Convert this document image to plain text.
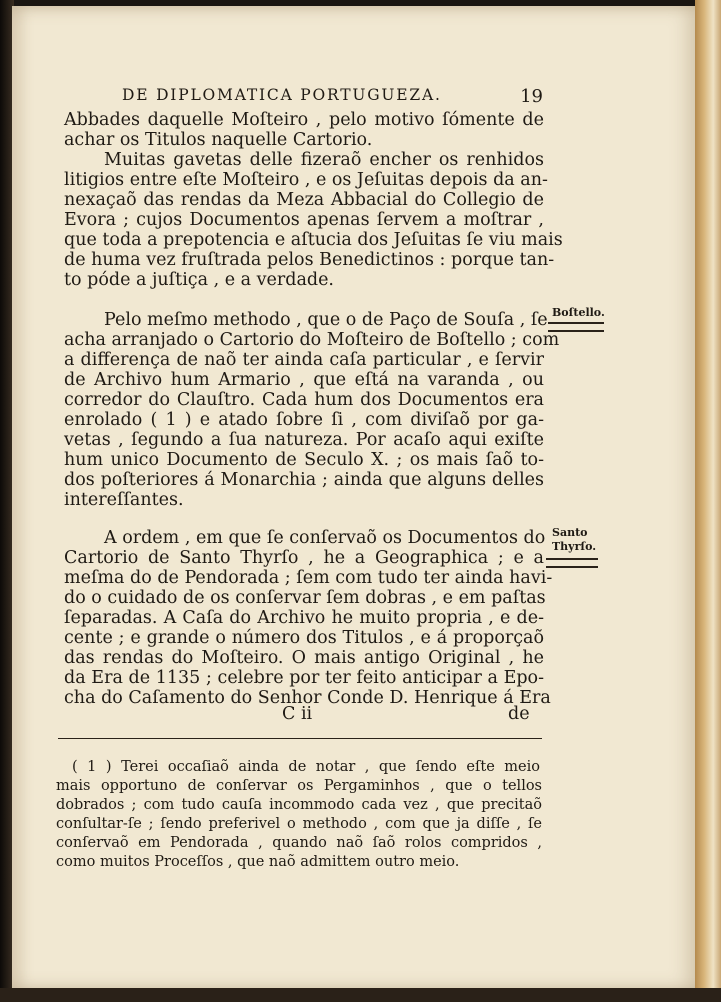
DE DIPLOMATICA PORTUGUEZA.	19
Abbades daquelle Moſteiro , pelo motivo ſómente de
achar os Titulos naquelle Cartorio.
Muitas gavetas delle fizeraõ encher os renhidos
litigios entre eſte Moſteiro , e os Jeſuitas depois da an-
nexaçaõ das rendas da Meza Abbacial do Collegio de
Evora ; cujos Documentos apenas ſervem a moſtrar ,
que toda a prepotencia e aſtucia dos Jeſuitas ſe viu mais
de huma vez fruſtrada pelos Benedictinos : porque tan-
to póde a juſtiça , e a verdade.
Pelo meſmo methodo , que o de Paço de Souſa , ſe
acha arranjado o Cartorio do Moſteiro de Boſtello ; com
a differença de naõ ter ainda caſa particular , e ſervir
de Archivo hum Armario , que eſtá na varanda , ou
corredor do Clauſtro. Cada hum dos Documentos era
enrolado ( 1 ) e atado ſobre ſi , com diviſaõ por ga-
vetas , ſegundo a ſua natureza. Por acaſo aqui exiſte
hum unico Documento de Seculo X. ; os mais ſaõ to-
dos poſteriores á Monarchia ; ainda que alguns delles
intereſſantes.
A ordem , em que ſe conſervaõ os Documentos do
Cartorio de Santo Thyrſo , he a Geographica ; e a
meſma do de Pendorada ; ſem com tudo ter ainda havi-
do o cuidado de os conſervar ſem dobras , e em paſtas
ſeparadas. A Caſa do Archivo he muito propria , e de-
cente ; e grande o número dos Titulos , e á proporçaõ
das rendas do Moſteiro. O mais antigo Original , he
da Era de 1135 ; celebre por ter feito anticipar a Epo-
cha do Caſamento do Senhor Conde D. Henrique á Era
C ii	de
Boſtello.
Santo
Thyrſo.
( 1 ) Terei occaſiaõ ainda de notar , que ſendo eſte meio
mais opportuno de conſervar os Pergaminhos , que o tellos
dobrados ; com tudo cauſa incommodo cada vez , que precitaõ
conſultar-ſe ; ſendo preferivel o methodo , com que ja diſſe , ſe
conſervaõ em Pendorada , quando naõ ſaõ rolos compridos ,
como muitos Proceſſos , que naõ admittem outro meio.
